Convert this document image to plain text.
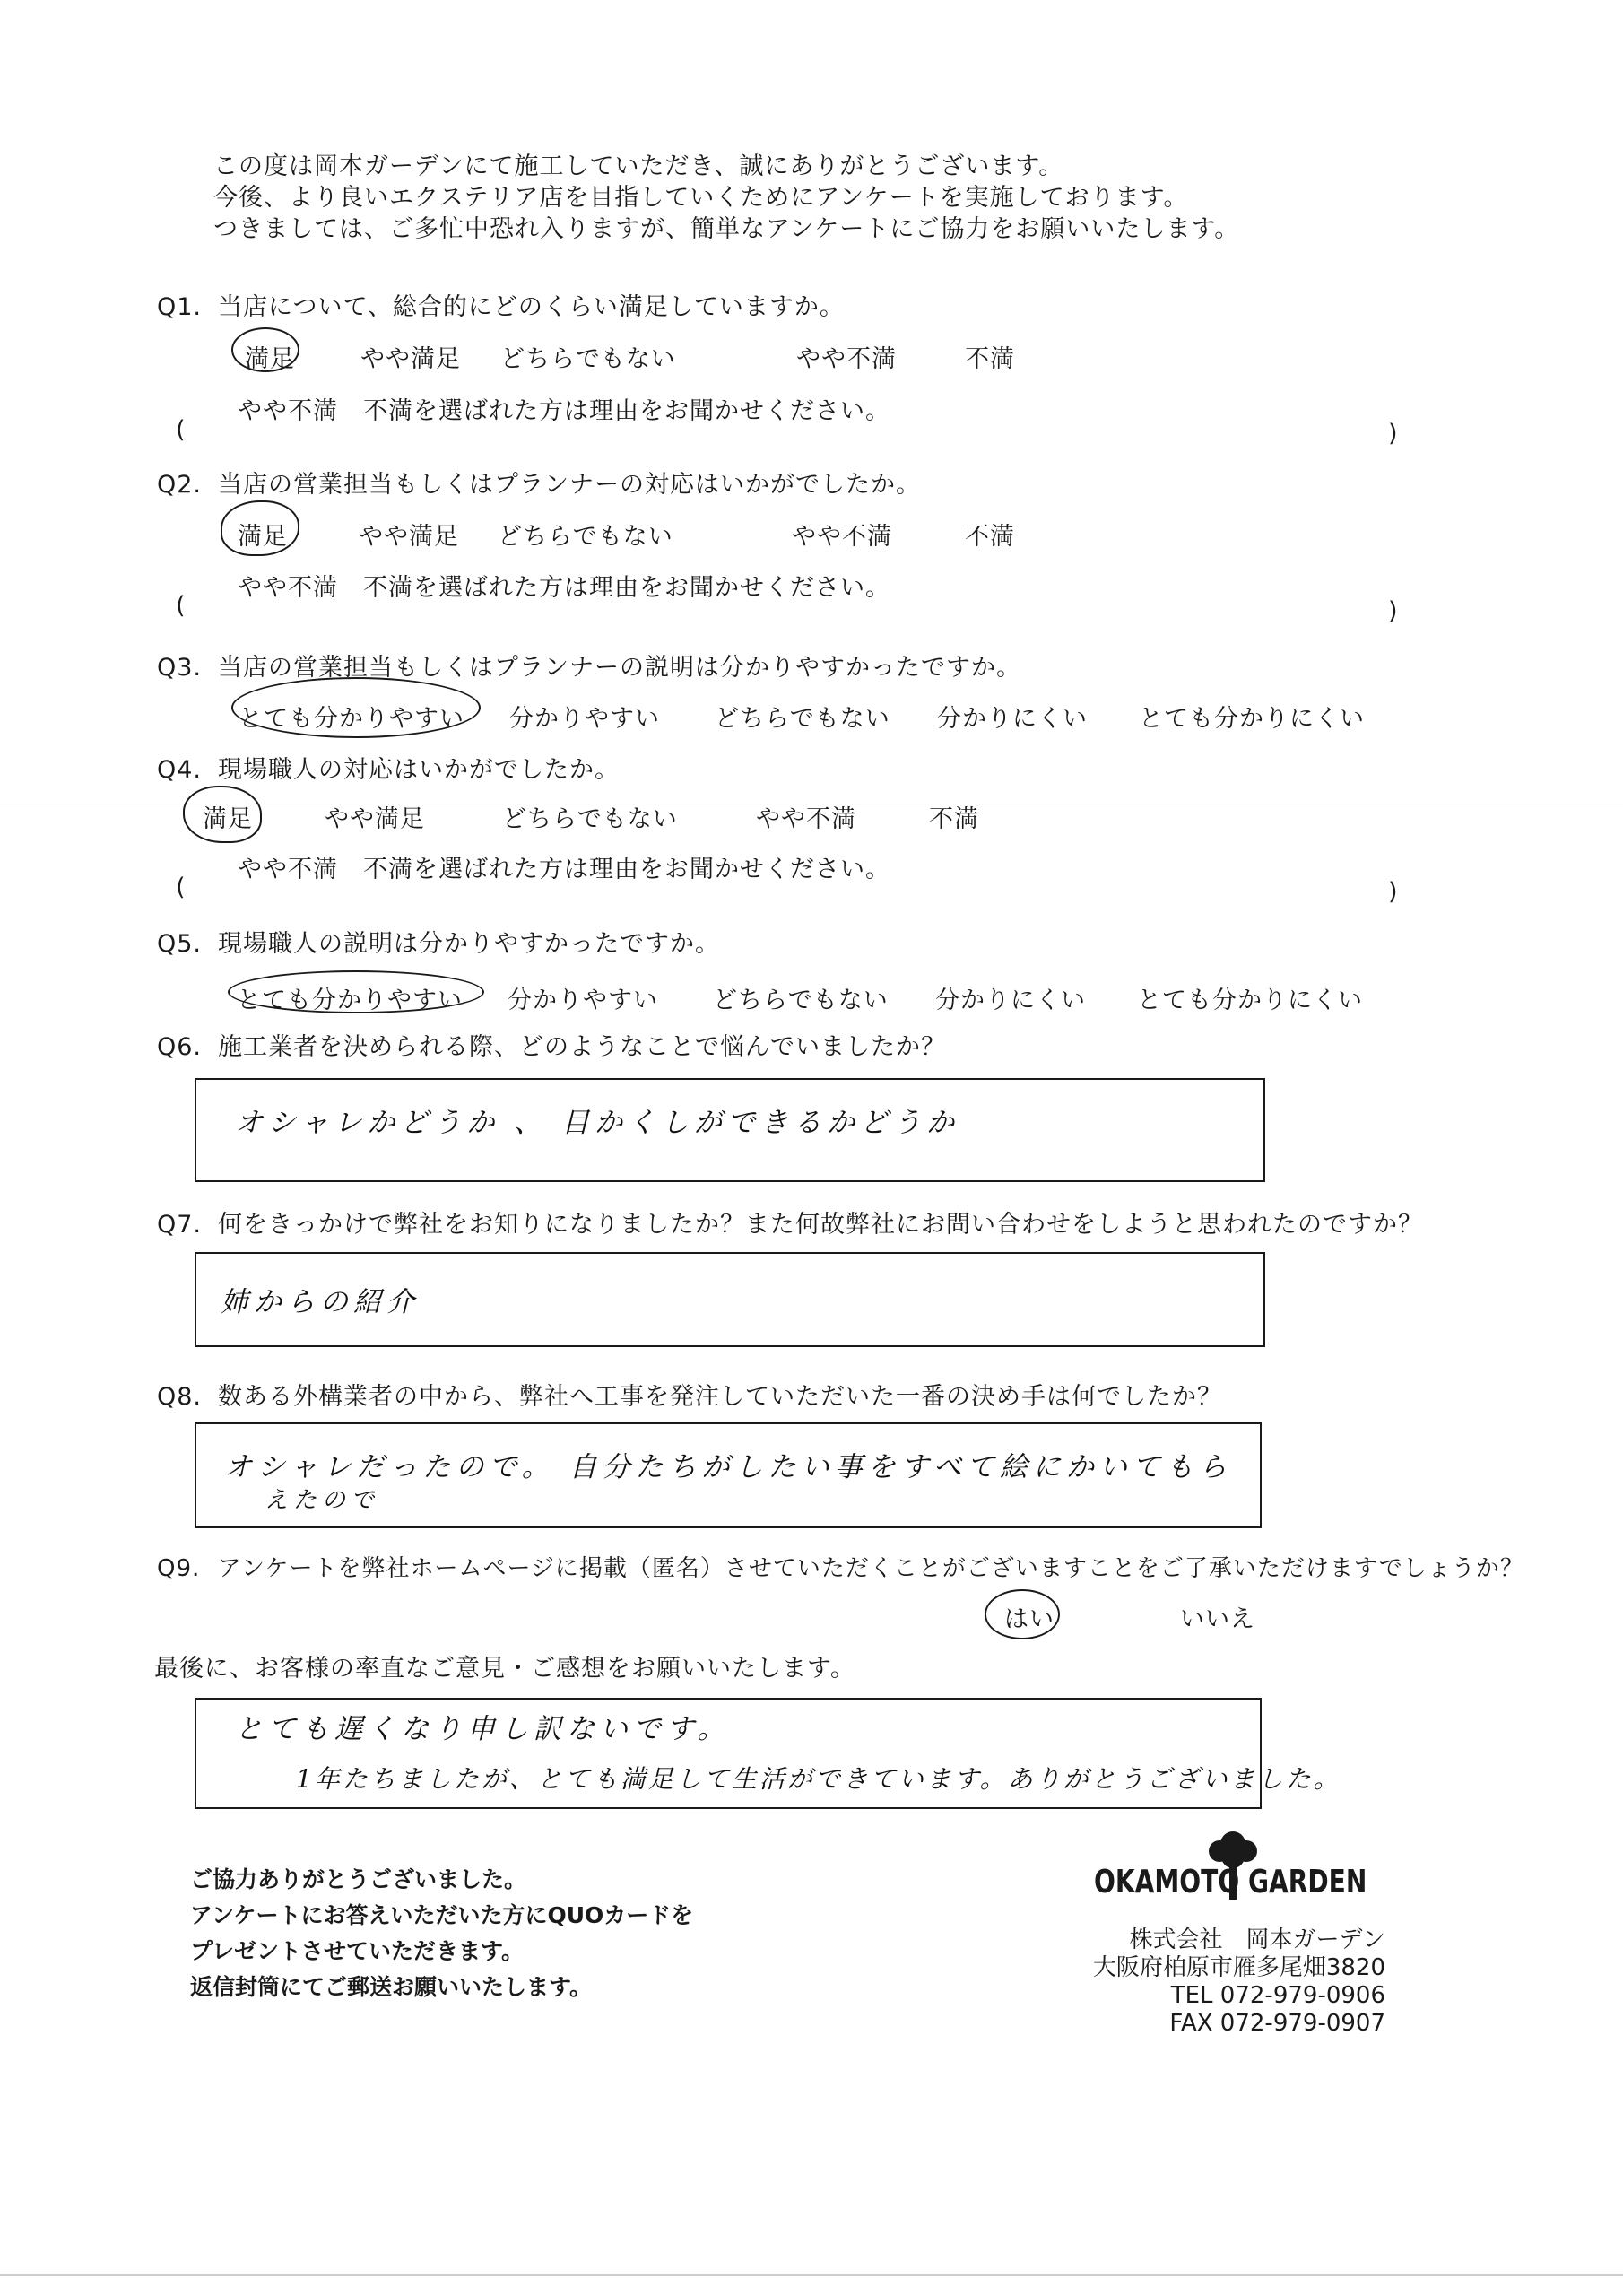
この度は岡本ガーデンにて施工していただき、誠にありがとうございます。
今後、より良いエクステリア店を目指していくためにアンケートを実施しております。
つきましては、ご多忙中恐れ入りますが、簡単なアンケートにご協力をお願いいたします。
Q1. 当店について、総合的にどのくらい満足していますか。
満足	やや満足 どちらでもない	やや不満	不満
やや不満　不満を選ばれた方は理由をお聞かせください。
(	)
Q2. 当店の営業担当もしくはプランナーの対応はいかがでしたか。
満足	やや満足 どちらでもない	やや不満	不満
やや不満　不満を選ばれた方は理由をお聞かせください。
(	)
Q3. 当店の営業担当もしくはプランナーの説明は分かりやすかったですか。
とても分かりやすい 分かりやすい どちらでもない 分かりにくい とても分かりにくい
Q4. 現場職人の対応はいかがでしたか。
満足	やや満足	どちらでもない	やや不満	不満
やや不満　不満を選ばれた方は理由をお聞かせください。
(	)
Q5. 現場職人の説明は分かりやすかったですか。
とても分かりやすい 分かりやすい どちらでもない 分かりにくい とても分かりにくい
Q6. 施工業者を決められる際、どのようなことで悩んでいましたか？
オシャレかどうか 、 目かくしができるかどうか
Q7. 何をきっかけで弊社をお知りになりましたか？また何故弊社にお問い合わせをしようと思われたのですか？
姉からの紹介
Q8. 数ある外構業者の中から、弊社へ工事を発注していただいた一番の決め手は何でしたか？
オシャレだったので。 自分たちがしたい事をすべて絵にかいてもら
えたので
Q9. アンケートを弊社ホームページに掲載（匿名）させていただくことがございますことをご了承いただけますでしょうか？
はい	いいえ
最後に、お客様の率直なご意見・ご感想をお願いいたします。
とても遅くなり申し訳ないです。
1年たちましたが、とても満足して生活ができています。ありがとうございました。
ご協力ありがとうございました。
アンケートにお答えいただいた方にQUOカードを
プレゼントさせていただきます。
返信封筒にてご郵送お願いいたします。
OKAMOTO GARDEN
株式会社　岡本ガーデン
大阪府柏原市雁多尾畑3820
TEL 072-979-0906
FAX 072-979-0907
